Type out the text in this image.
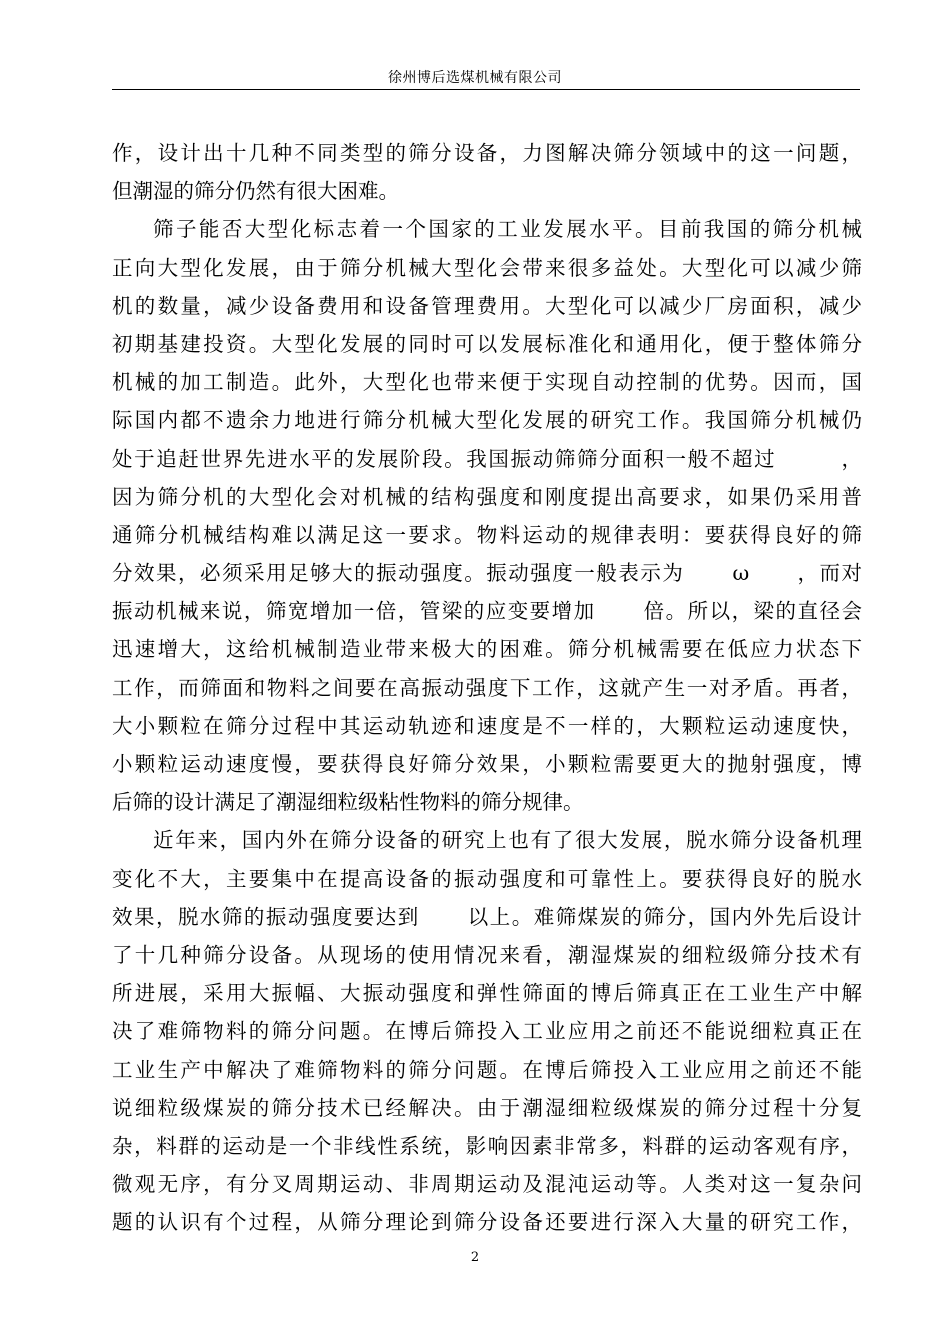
徐州博后选煤机械有限公司
作，设计出十几种不同类型的筛分设备，力图解决筛分领域中的这一问题，
但潮湿的筛分仍然有很大困难。
筛子能否大型化标志着一个国家的工业发展水平。目前我国的筛分机械
正向大型化发展，由于筛分机械大型化会带来很多益处。大型化可以减少筛
机的数量，减少设备费用和设备管理费用。大型化可以减少厂房面积，减少
初期基建投资。大型化发展的同时可以发展标准化和通用化，便于整体筛分
机械的加工制造。此外，大型化也带来便于实现自动控制的优势。因而，国
际国内都不遗余力地进行筛分机械大型化发展的研究工作。我国筛分机械仍
处于追赶世界先进水平的发展阶段。我国振动筛筛分面积一般不超过        ，
因为筛分机的大型化会对机械的结构强度和刚度提出高要求，如果仍采用普
通筛分机械结构难以满足这一要求。物料运动的规律表明：要获得良好的筛
分效果，必须采用足够大的振动强度。振动强度一般表示为      ω      ，而对
振动机械来说，筛宽增加一倍，管梁的应变要增加      倍。所以，梁的直径会
迅速增大，这给机械制造业带来极大的困难。筛分机械需要在低应力状态下
工作，而筛面和物料之间要在高振动强度下工作，这就产生一对矛盾。再者，
大小颗粒在筛分过程中其运动轨迹和速度是不一样的，大颗粒运动速度快，
小颗粒运动速度慢，要获得良好筛分效果，小颗粒需要更大的抛射强度，博
后筛的设计满足了潮湿细粒级粘性物料的筛分规律。
近年来，国内外在筛分设备的研究上也有了很大发展，脱水筛分设备机理
变化不大，主要集中在提高设备的振动强度和可靠性上。要获得良好的脱水
效果，脱水筛的振动强度要达到      以上。难筛煤炭的筛分，国内外先后设计
了十几种筛分设备。从现场的使用情况来看，潮湿煤炭的细粒级筛分技术有
所进展，采用大振幅、大振动强度和弹性筛面的博后筛真正在工业生产中解
决了难筛物料的筛分问题。在博后筛投入工业应用之前还不能说细粒真正在
工业生产中解决了难筛物料的筛分问题。在博后筛投入工业应用之前还不能
说细粒级煤炭的筛分技术已经解决。由于潮湿细粒级煤炭的筛分过程十分复
杂，料群的运动是一个非线性系统，影响因素非常多，料群的运动客观有序，
微观无序，有分叉周期运动、非周期运动及混沌运动等。人类对这一复杂问
题的认识有个过程，从筛分理论到筛分设备还要进行深入大量的研究工作，
2
